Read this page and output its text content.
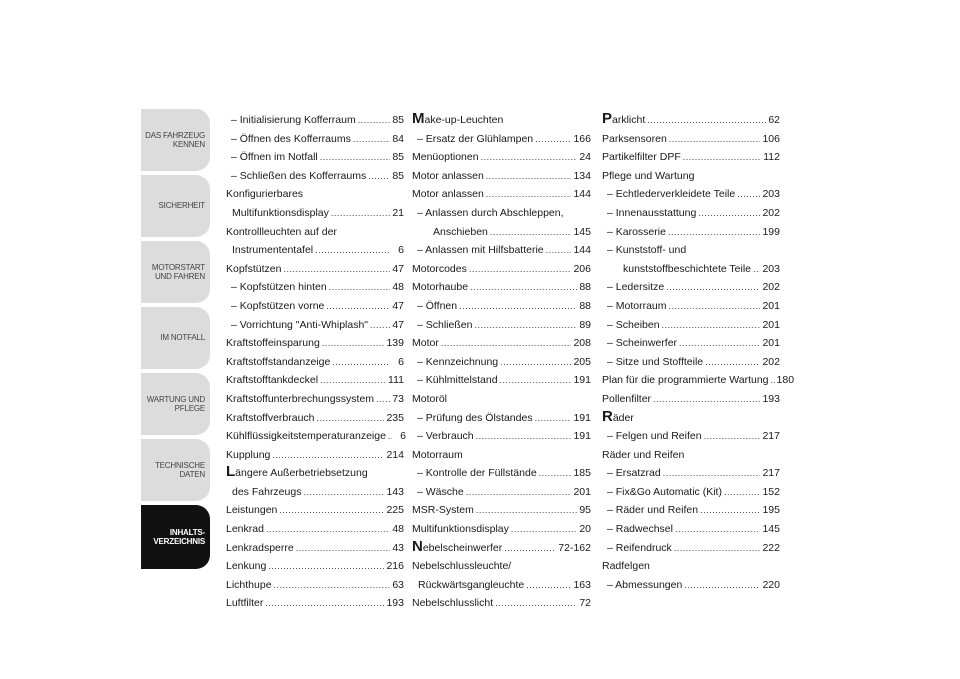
DAS FAHRZEUG KENNEN
SICHERHEIT
MOTORSTART UND FAHREN
IM NOTFALL
WARTUNG UND PFLEGE
TECHNISCHE DATEN
INHALTS-VERZEICHNIS
272
– Initialisierung Kofferraum .....	85
– Öffnen des Kofferraums .....	84
– Öffnen im Notfall .....	85
– Schließen des Kofferraums ..... 85
Konfigurierbares
Multifunktionsdisplay .....	21
Kontrollleuchten auf der
Instrumententafel .....	6
Kopfstützen .....	47
– Kopfstützen hinten .....	48
– Kopfstützen vorne .....	47
– Vorrichtung "Anti-Whiplash" ..... 47
Kraftstoffeinsparung .....	139
Kraftstoffstandanzeige .....	6
Kraftstofftankdeckel .....	111
Kraftstoffunterbrechungssystem ..... 73
Kraftstoffverbrauch .....	235
Kühlflüssigkeitstemperaturanzeige .....	6
Kupplung .....	214
Längere Außerbetriebsetzung
des Fahrzeugs .....	143
Leistungen .....	225
Lenkrad .....	48
Lenkradsperre .....	43
Lenkung .....	216
Lichthupe .....	63
Luftfilter .....	193
Make-up-Leuchten
– Ersatz der Glühlampen .....	166
Menüoptionen .....	24
Motor anlassen .....	134
Motor anlassen .....	144
– Anlassen durch Abschleppen,
Anschieben .....	145
– Anlassen mit Hilfsbatterie .....	144
Motorcodes .....	206
Motorhaube .....	88
– Öffnen .....	88
– Schließen .....	89
Motor .....	208
– Kennzeichnung .....	205
– Kühlmittelstand .....	191
Motoröl
– Prüfung des Ölstandes .....	191
– Verbrauch .....	191
Motorraum
– Kontrolle der Füllstände .....	185
– Wäsche .....	201
MSR-System .....	95
Multifunktionsdisplay .....	20
Nebelscheinwerfer .....	72-162
Nebelschlussleuchte/
Rückwärtsgangleuchte .....	163
Nebelschlusslicht .....	72
Parklicht .....	62
Parksensoren .....	106
Partikelfilter DPF .....	112
Pflege und Wartung
– Echtlederverkleidete Teile .....	203
– Innenausstattung .....	202
– Karosserie .....	199
– Kunststoff- und
kunststoffbeschichtete Teile ..... 203
– Ledersitze .....	202
– Motorraum .....	201
– Scheiben .....	201
– Scheinwerfer .....	201
– Sitze und Stoffteile .....	202
Plan für die programmierte Wartung ..... 180
Pollenfilter .....	193
Räder
– Felgen und Reifen .....	217
Räder und Reifen
– Ersatzrad .....	217
– Fix&Go Automatic (Kit) .....	152
– Räder und Reifen .....	195
– Radwechsel .....	145
– Reifendruck .....	222
Radfelgen
– Abmessungen .....	220
